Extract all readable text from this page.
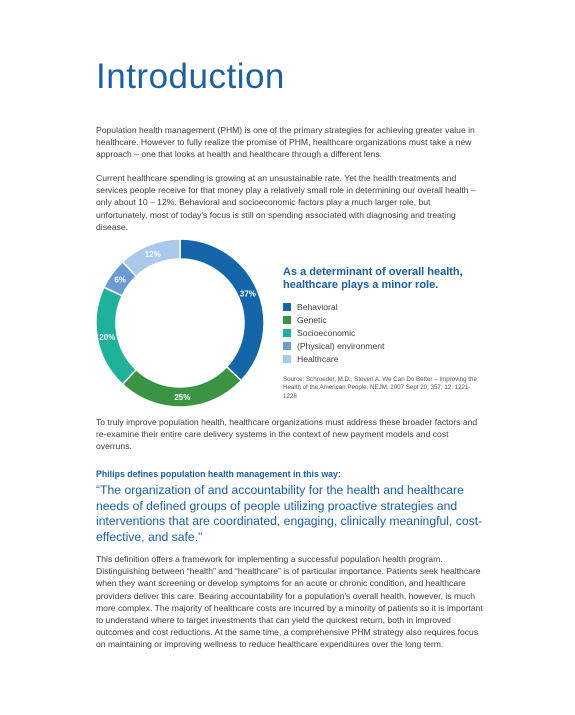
Introduction

Population health management (PHM) is one of the primary strategies for achieving greater value in healthcare. However to fully realize the promise of PHM, healthcare organizations must take a new approach – one that looks at health and healthcare through a different lens.

Current healthcare spending is growing at an unsustainable rate. Yet the health treatments and services people receive for that money play a relatively small role in determining our overall health – only about 10 – 12%. Behavioral and socioeconomic factors play a much larger role, but unfortunately, most of today's focus is still on spending associated with diagnosing and treating disease.

37%
25%
20%
6%
12%

As a determinant of overall health, healthcare plays a minor role.

Behavioral
Genetic
Socioeconomic
(Physical) environment
Healthcare

Source: Schroeder, M.D., Steven A. We Can Do Better – Improving the Health of the American People. NEJM. 2007 Sept 20; 357; 12: 1221-1228

To truly improve population health, healthcare organizations must address these broader factors and re-examine their entire care delivery systems in the context of new payment models and cost overruns.

Philips defines population health management in this way:

“The organization of and accountability for the health and healthcare needs of defined groups of people utilizing proactive strategies and interventions that are coordinated, engaging, clinically meaningful, cost-effective, and safe.”

This definition offers a framework for implementing a successful population health program. Distinguishing between “health” and “healthcare” is of particular importance. Patients seek healthcare when they want screening or develop symptoms for an acute or chronic condition, and healthcare providers deliver this care. Bearing accountability for a population's overall health, however, is much more complex. The majority of healthcare costs are incurred by a minority of patients so it is important to understand where to target investments that can yield the quickest return, both in improved outcomes and cost reductions. At the same time, a comprehensive PHM strategy also requires focus on maintaining or improving wellness to reduce healthcare expenditures over the long term.
